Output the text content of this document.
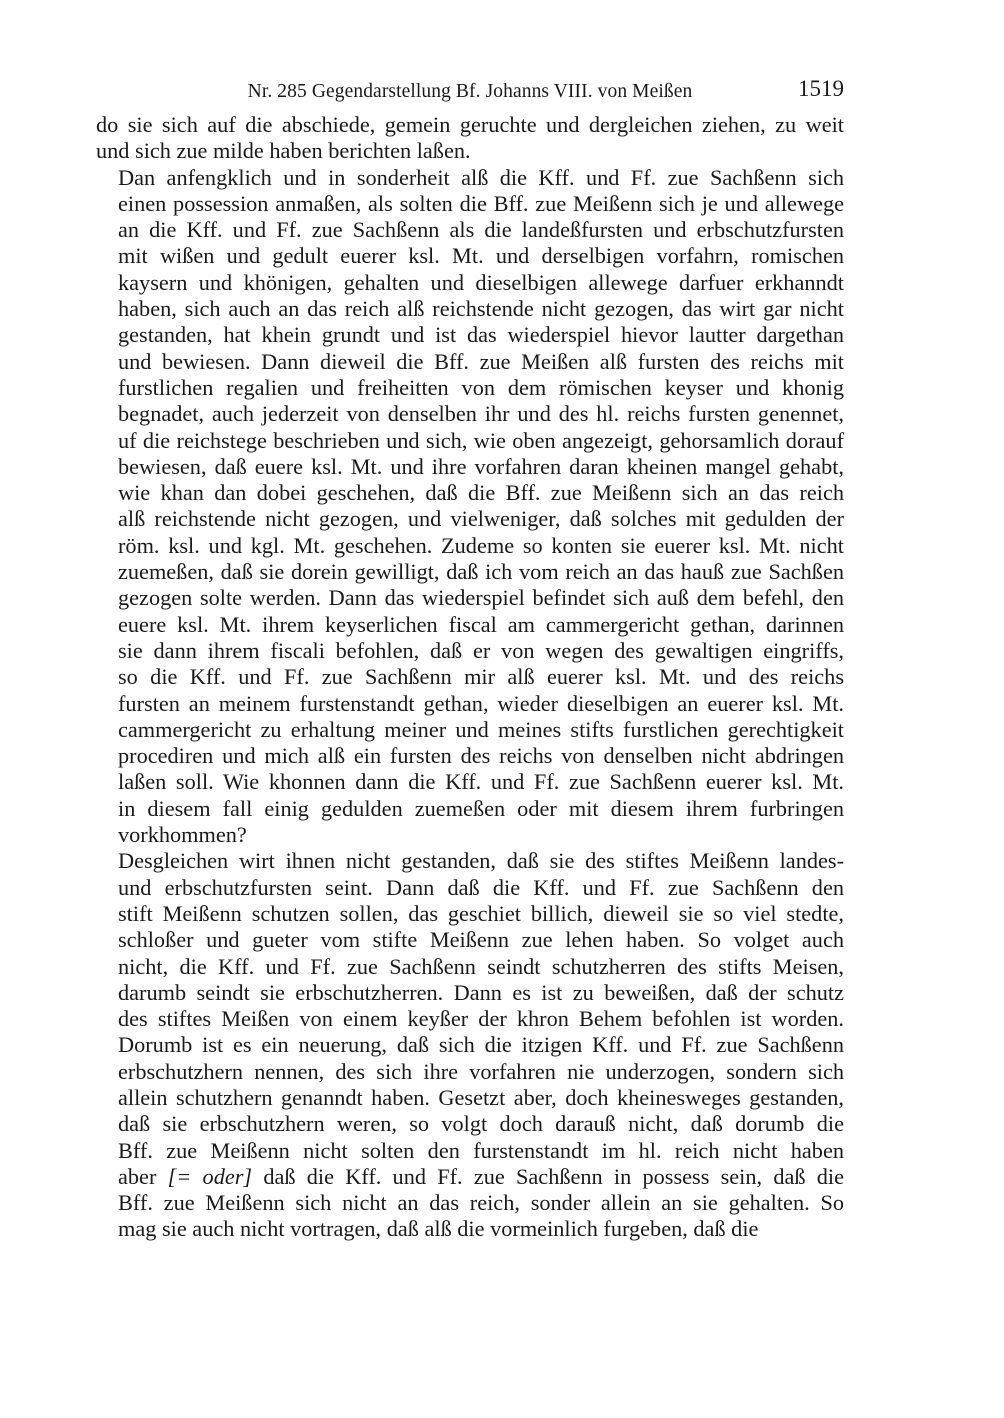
Nr. 285 Gegendarstellung Bf. Johanns VIII. von Meißen	1519
do sie sich auf die abschiede, gemein geruchte und dergleichen ziehen, zu weit
und sich zue milde haben berichten laßen.
Dan anfengklich und in sonderheit alß die Kff. und Ff. zue Sachßenn sich
einen possession anmaßen, als solten die Bff. zue Meißenn sich je und allewege
an die Kff. und Ff. zue Sachßenn als die landeßfursten und erbschutzfursten
mit wißen und gedult euerer ksl. Mt. und derselbigen vorfahrn, romischen
kaysern und khönigen, gehalten und dieselbigen allewege darfuer erkhanndt
haben, sich auch an das reich alß reichstende nicht gezogen, das wirt gar nicht
gestanden, hat khein grundt und ist das wiederspiel hievor lautter dargethan
und bewiesen. Dann dieweil die Bff. zue Meißen alß fursten des reichs mit
furstlichen regalien und freiheitten von dem römischen keyser und khonig
begnadet, auch jederzeit von denselben ihr und des hl. reichs fursten genennet,
uf die reichstege beschrieben und sich, wie oben angezeigt, gehorsamlich dorauf
bewiesen, daß euere ksl. Mt. und ihre vorfahren daran kheinen mangel gehabt,
wie khan dan dobei geschehen, daß die Bff. zue Meißenn sich an das reich
alß reichstende nicht gezogen, und vielweniger, daß solches mit gedulden der
röm. ksl. und kgl. Mt. geschehen. Zudeme so konten sie euerer ksl. Mt. nicht
zuemeßen, daß sie dorein gewilligt, daß ich vom reich an das hauß zue Sachßen
gezogen solte werden. Dann das wiederspiel befindet sich auß dem befehl, den
euere ksl. Mt. ihrem keyserlichen fiscal am cammergericht gethan, darinnen
sie dann ihrem fiscali befohlen, daß er von wegen des gewaltigen eingriffs,
so die Kff. und Ff. zue Sachßenn mir alß euerer ksl. Mt. und des reichs
fursten an meinem furstenstandt gethan, wieder dieselbigen an euerer ksl. Mt.
cammergericht zu erhaltung meiner und meines stifts furstlichen gerechtigkeit
procediren und mich alß ein fursten des reichs von denselben nicht abdringen
laßen soll. Wie khonnen dann die Kff. und Ff. zue Sachßenn euerer ksl. Mt.
in diesem fall einig gedulden zuemeßen oder mit diesem ihrem furbringen
vorkhommen?
Desgleichen wirt ihnen nicht gestanden, daß sie des stiftes Meißenn landes-
und erbschutzfursten seint. Dann daß die Kff. und Ff. zue Sachßenn den
stift Meißenn schutzen sollen, das geschiet billich, dieweil sie so viel stedte,
schloßer und gueter vom stifte Meißenn zue lehen haben. So volget auch
nicht, die Kff. und Ff. zue Sachßenn seindt schutzherren des stifts Meisen,
darumb seindt sie erbschutzherren. Dann es ist zu beweißen, daß der schutz
des stiftes Meißen von einem keyßer der khron Behem befohlen ist worden.
Dorumb ist es ein neuerung, daß sich die itzigen Kff. und Ff. zue Sachßenn
erbschutzhern nennen, des sich ihre vorfahren nie underzogen, sondern sich
allein schutzhern genanndt haben. Gesetzt aber, doch kheinesweges gestanden,
daß sie erbschutzhern weren, so volgt doch darauß nicht, daß dorumb die
Bff. zue Meißenn nicht solten den furstenstandt im hl. reich nicht haben
aber [= oder] daß die Kff. und Ff. zue Sachßenn in possess sein, daß die
Bff. zue Meißenn sich nicht an das reich, sonder allein an sie gehalten. So
mag sie auch nicht vortragen, daß alß die vormeinlich furgeben, daß die
